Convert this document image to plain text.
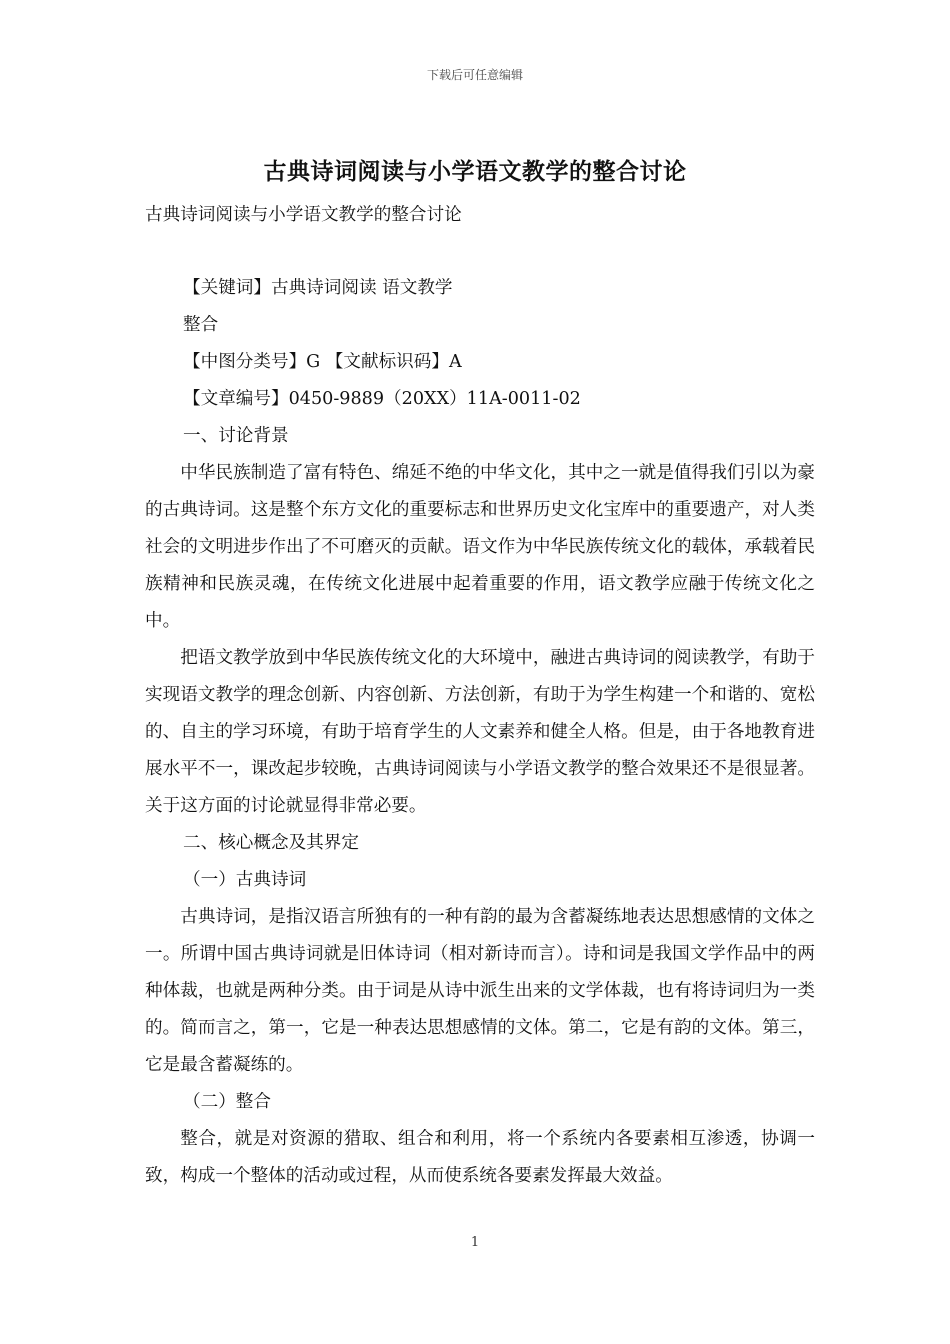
下载后可任意编辑
古典诗词阅读与小学语文教学的整合讨论
古典诗词阅读与小学语文教学的整合讨论
【关键词】古典诗词阅读 语文教学
整合
【中图分类号】G 【文献标识码】A
【文章编号】0450-9889（20XX）11A-0011-02
一、讨论背景

中华民族制造了富有特色、绵延不绝的中华文化，其中之一就是值得我们引以为豪的古典诗词。这是整个东方文化的重要标志和世界历史文化宝库中的重要遗产，对人类社会的文明进步作出了不可磨灭的贡献。语文作为中华民族传统文化的载体，承载着民族精神和民族灵魂，在传统文化进展中起着重要的作用，语文教学应融于传统文化之中。

把语文教学放到中华民族传统文化的大环境中，融进古典诗词的阅读教学，有助于实现语文教学的理念创新、内容创新、方法创新，有助于为学生构建一个和谐的、宽松的、自主的学习环境，有助于培育学生的人文素养和健全人格。但是，由于各地教育进展水平不一，课改起步较晚，古典诗词阅读与小学语文教学的整合效果还不是很显著。关于这方面的讨论就显得非常必要。

二、核心概念及其界定
（一）古典诗词

古典诗词，是指汉语言所独有的一种有韵的最为含蓄凝练地表达思想感情的文体之一。所谓中国古典诗词就是旧体诗词（相对新诗而言）。诗和词是我国文学作品中的两种体裁，也就是两种分类。由于词是从诗中派生出来的文学体裁，也有将诗词归为一类的。简而言之，第一，它是一种表达思想感情的文体。第二，它是有韵的文体。第三，它是最含蓄凝练的。

（二）整合

整合，就是对资源的猎取、组合和利用，将一个系统内各要素相互渗透，协调一致，构成一个整体的活动或过程，从而使系统各要素发挥最大效益。

1
